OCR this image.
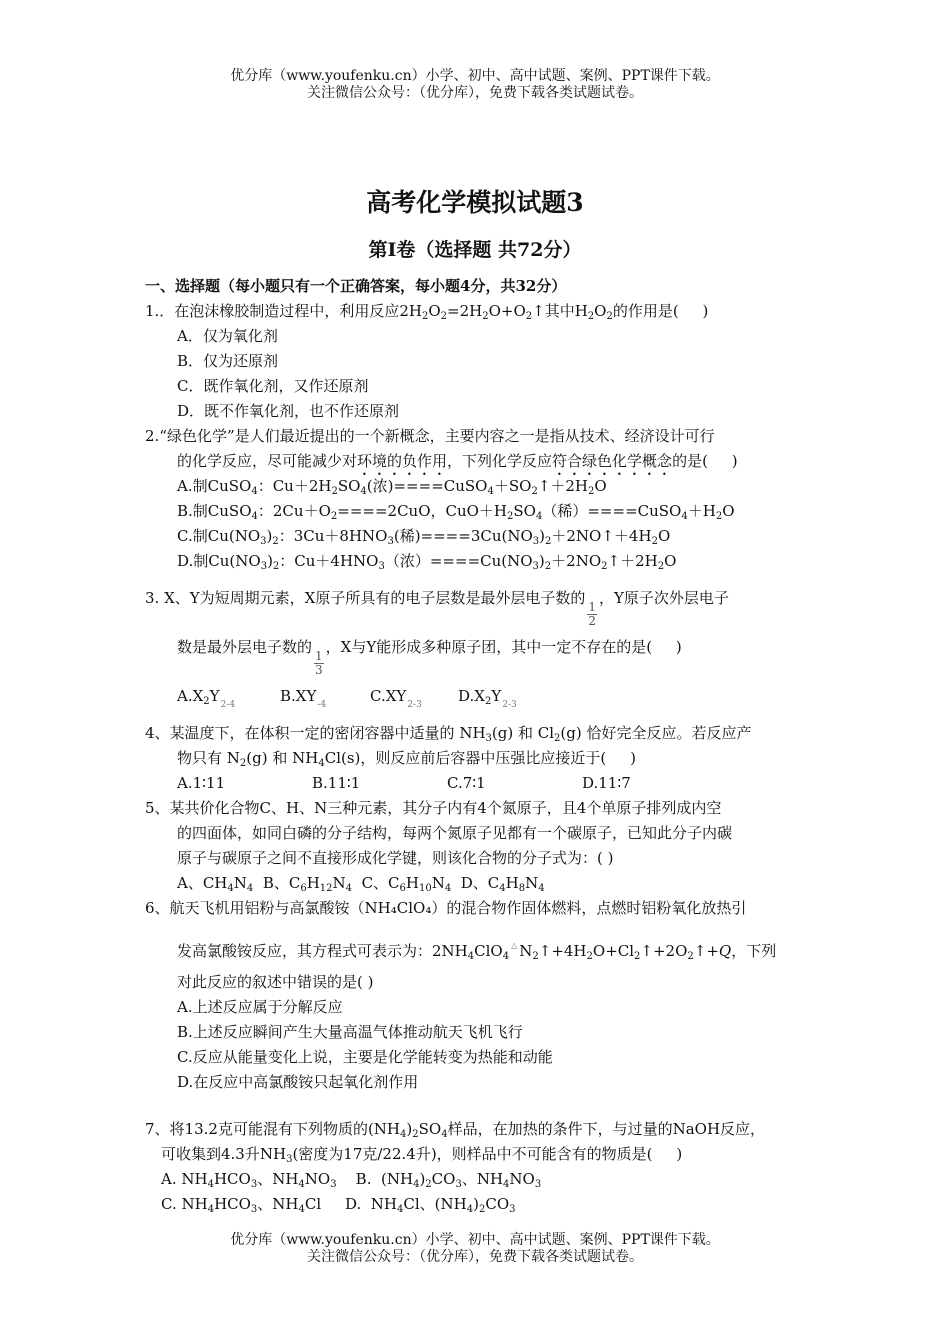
优分库（www.youfenku.cn）小学、初中、高中试题、案例、PPT课件下载。
关注微信公众号：（优分库），免费下载各类试题试卷。
高考化学模拟试题3
第Ⅰ卷（选择题 共72分）
一、选择题（每小题只有一个正确答案，每小题4分，共32分）
1.．在泡沫橡胶制造过程中，利用反应$2H_2O_2=2H_2O+O_2↑$其中$H_2O_2$的作用是(     )
A．仅为氧化剂
B．仅为还原剂
C．既作氧化剂，又作还原剂
D．既不作氧化剂，也不作还原剂
2.“绿色化学”是人们最近提出的一个新概念，主要内容之一是指从技术、经济设计可行
的化学反应，尽可能减少对环境的负作用，下列化学反应符合绿色化学概念的是(     )
A.制CuSO$_4$：$Cu+2H_2SO_4$(浓)$====CuSO_4+SO_2↑+2H_2O$
B.制CuSO$_4$：$2Cu+O_2====2CuO$，$CuO+H_2SO_4$（稀）$====CuSO_4+H_2O$
C.制$Cu(NO_3)_2$：$3Cu+8HNO_3$(稀)$====3Cu(NO_3)_2+2NO↑+4H_2O$
D.制$Cu(NO_3)_2$：$Cu+4HNO_3$（浓）$====Cu(NO_3)_2+2NO_2↑+2H_2O$
3. X、Y为短周期元素，X原子所具有的电子层数是最外层电子数的
$\frac{1}{2}$
，Y原子次外层电子
数是最外层电子数的
$\frac{1}{3}$
，X与Y能形成多种原子团，其中一定不存在的是(     )
$A.X_2Y2-4$	B.XY-4	C.XY2-3	$D.X_2Y2-3$
4、某温度下，在体积一定的密闭容器中适量的 $NH_3(g)$ 和 $Cl_2(g)$ 恰好完全反应。若反应产
物只有 $N_2(g)$ 和 $NH_4Cl(s)$，则反应前后容器中压强比应接近于(     )
A.1∶11	B.11∶1	C.7∶1	D.11∶7
5、某共价化合物C、H、N三种元素，其分子内有4个氮原子，且4个单原子排列成内空
的四面体，如同白磷的分子结构，每两个氮原子见都有一个碳原子，已知此分子内碳
原子与碳原子之间不直接形成化学键，则该化合物的分子式为：( )
A、$CH_4N_4$  B、$C_6H_{12}N_4$  C、$C_6H_{10}N_4$  D、$C_4H_8N_4$
6、航天飞机用铝粉与高氯酸铵（NH₄ClO₄）的混合物作固体燃料，点燃时铝粉氧化放热引
发高氯酸铵反应，其方程式可表示为：$2NH_4ClO_4\triangle$ $N_2↑+4H_2O+Cl_2↑+2O_2↑+Q$，下列
对此反应的叙述中错误的是( )
A.上述反应属于分解反应
B.上述反应瞬间产生大量高温气体推动航天飞机飞行
C.反应从能量变化上说，主要是化学能转变为热能和动能
D.在反应中高氯酸铵只起氧化剂作用
7、将13.2克可能混有下列物质的$(NH_4)_2SO_4$样品，在加热的条件下，与过量的NaOH反应，
可收集到4.3升$NH_3$(密度为17克/22.4升)，则样品中不可能含有的物质是(     )
A. $NH_4HCO_3$、$NH_4NO_3$    B.  $(NH_4)_2CO_3$、$NH_4NO_3$
C. $NH_4HCO_3$、$NH_4Cl$     D.  $NH_4Cl$、$(NH_4)_2CO_3$
优分库（www.youfenku.cn）小学、初中、高中试题、案例、PPT课件下载。
关注微信公众号：（优分库），免费下载各类试题试卷。
